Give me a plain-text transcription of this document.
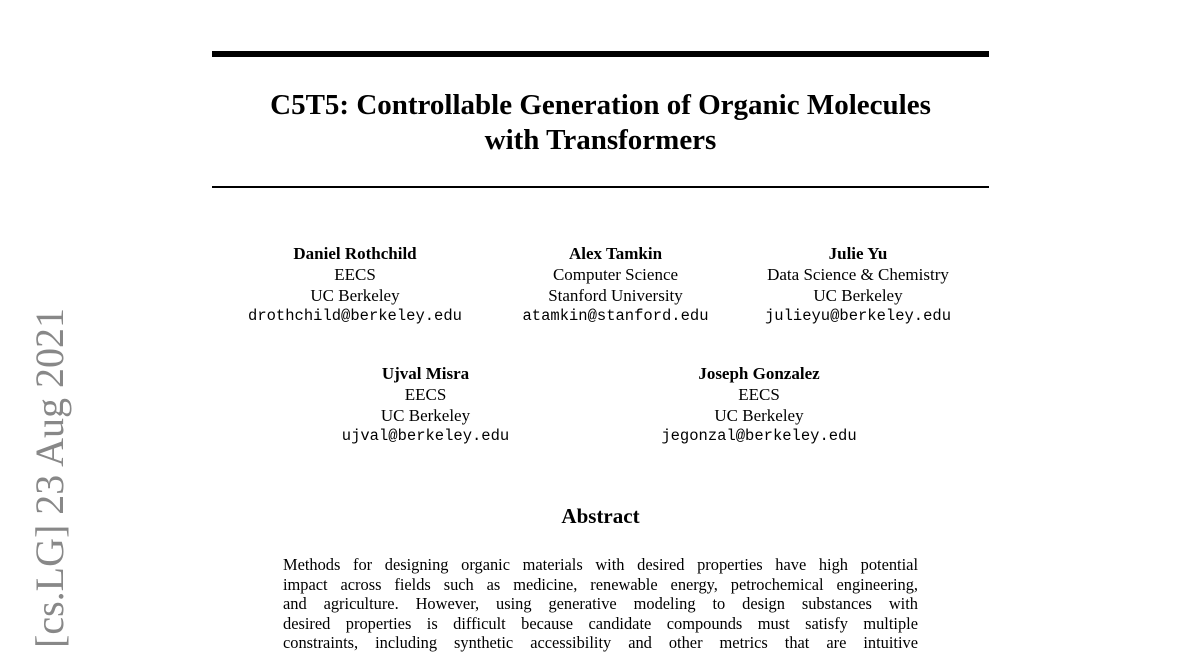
[cs.LG] 23 Aug 2021
C5T5: Controllable Generation of Organic Molecules
with Transformers
Daniel Rothchild
EECS
UC Berkeley
drothchild@berkeley.edu
Alex Tamkin
Computer Science
Stanford University
atamkin@stanford.edu
Julie Yu
Data Science & Chemistry
UC Berkeley
julieyu@berkeley.edu
Ujval Misra
EECS
UC Berkeley
ujval@berkeley.edu
Joseph Gonzalez
EECS
UC Berkeley
jegonzal@berkeley.edu
Abstract
Methods for designing organic materials with desired properties have high potential
impact across fields such as medicine, renewable energy, petrochemical engineering,
and agriculture. However, using generative modeling to design substances with
desired properties is difficult because candidate compounds must satisfy multiple
constraints, including synthetic accessibility and other metrics that are intuitive
